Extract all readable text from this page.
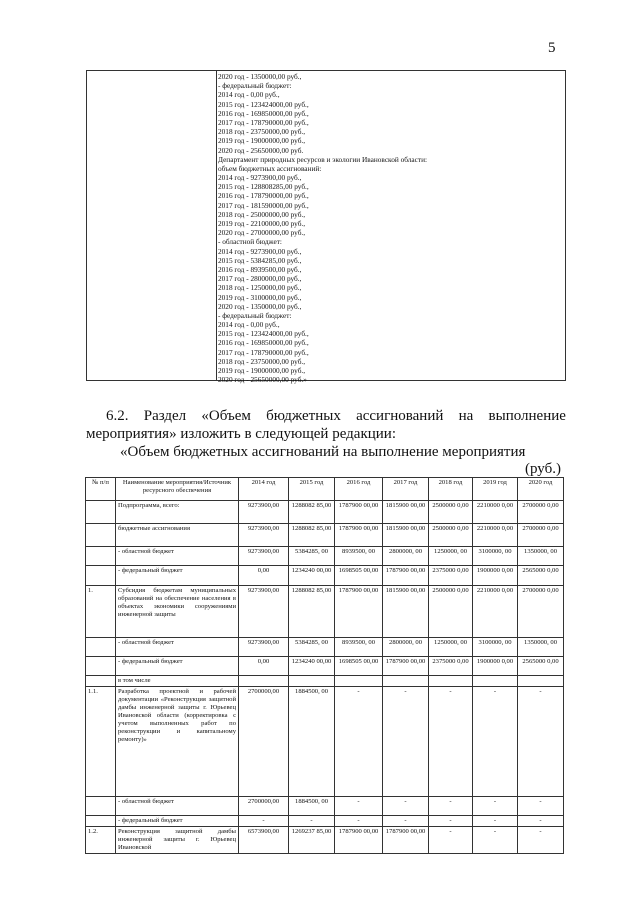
5
2020 год - 1350000,00 руб.,
- федеральный бюджет:
2014 год - 0,00 руб.,
2015 год - 123424000,00 руб.,
2016 год - 169850000,00 руб.,
2017 год - 178790000,00 руб.,
2018 год - 23750000,00 руб.,
2019 год - 19000000,00 руб.,
2020 год - 25650000,00 руб.
Департамент природных ресурсов и экологии Ивановской области:
объем бюджетных ассигнований:
2014 год - 9273900,00 руб.,
2015 год - 128808285,00 руб.,
2016 год - 178790000,00 руб.,
2017 год - 181590000,00 руб.,
2018 год - 25000000,00 руб.,
2019 год - 22100000,00 руб.,
2020 год - 27000000,00 руб.,
- областной бюджет:
2014 год - 9273900,00 руб.,
2015 год - 5384285,00 руб.,
2016 год - 8939500,00 руб.,
2017 год - 2800000,00 руб.,
2018 год - 1250000,00 руб.,
2019 год - 3100000,00 руб.,
2020 год - 1350000,00 руб.,
- федеральный бюджет:
2014 год - 0,00 руб.,
2015 год - 123424000,00 руб.,
2016 год - 169850000,00 руб.,
2017 год - 178790000,00 руб.,
2018 год - 23750000,00 руб.,
2019 год - 19000000,00 руб.,
2020 год - 25650000,00 руб.»
6.2. Раздел «Объем бюджетных ассигнований на выполнение
мероприятия» изложить в следующей редакции:
«Объем бюджетных ассигнований на выполнение мероприятия
(руб.)
№ п/п	Наименование мероприятия/Источник ресурсного обеспечения	2014 год	2015 год	2016 год	2017 год	2018 год	2019 год	2020 год
	Подпрограмма, всего:	9273900,00	1288082 85,00	1787900 00,00	1815900 00,00	2500000 0,00	2210000 0,00	2700000 0,00
	бюджетные ассигнования	9273900,00	1288082 85,00	1787900 00,00	1815900 00,00	2500000 0,00	2210000 0,00	2700000 0,00
	- областной бюджет	9273900,00	5384285, 00	8939500, 00	2800000, 00	1250000, 00	3100000, 00	1350000, 00
	- федеральный бюджет	0,00	1234240 00,00	1698505 00,00	1787900 00,00	2375000 0,00	1900000 0,00	2565000 0,00
1.	Субсидия бюджетам муниципальных образований на обеспечение населения в объектах экономики сооружениями инженерной защиты	9273900,00	1288082 85,00	1787900 00,00	1815900 00,00	2500000 0,00	2210000 0,00	2700000 0,00
	- областной бюджет	9273900,00	5384285, 00	8939500, 00	2800000, 00	1250000, 00	3100000, 00	1350000, 00
	- федеральный бюджет	0,00	1234240 00,00	1698505 00,00	1787900 00,00	2375000 0,00	1900000 0,00	2565000 0,00
	в том числе							
1.1.	Разработка проектной и рабочей документации «Реконструкция защитной дамбы инженерной защиты г. Юрьевец Ивановской области (корректировка с учетом выполненных работ по реконструкции и капитальному ремонту)»	2700000,00	1884500, 00	-	-	-	-	-
	- областной бюджет	2700000,00	1884500, 00	-	-	-	-	-
	- федеральный бюджет	-	-	-	-	-	-	-
1.2.	Реконструкция защитной дамбы инженерной защиты г. Юрьевец Ивановской	6573900,00	1269237 85,00	1787900 00,00	1787900 00,00	-	-	-
